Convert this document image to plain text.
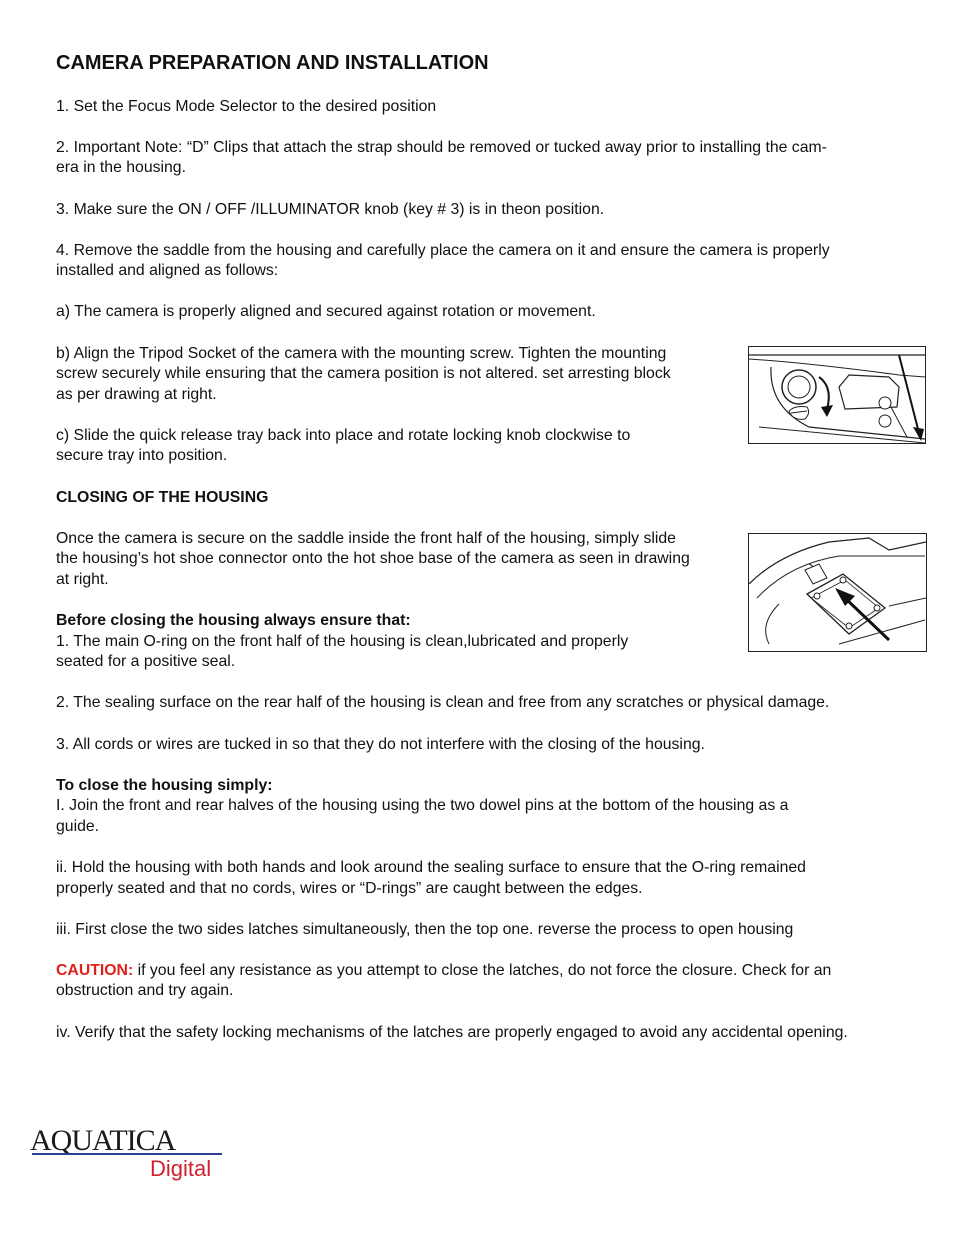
CAMERA PREPARATION AND INSTALLATION

1. Set the Focus Mode Selector to the desired position

2. Important Note: “D” Clips that attach the strap should be removed or tucked away prior to installing the cam-

era in the housing.

3. Make sure the ON / OFF /ILLUMINATOR knob (key # 3) is in theon position.

4. Remove the saddle from the housing and carefully place the camera on it and ensure the camera is properly

installed and aligned as follows:

a) The camera is properly aligned and secured against rotation or movement.

b) Align the Tripod Socket of the camera with the mounting screw. Tighten the mounting

screw securely while ensuring that the camera position is not altered. set arresting block

as per drawing at right.

c) Slide the quick release tray back into place and rotate locking knob clockwise to

secure tray into position.

CLOSING OF THE HOUSING

Once the camera is secure on the saddle inside the front half of the housing, simply slide

the housing’s hot shoe connector onto the hot shoe base of the camera as seen in drawing

at right.

Before closing the housing always ensure that:

1. The main O-ring on the front half of the housing is clean,lubricated and properly

seated for a positive seal.

2. The sealing surface on the rear half of the housing is clean and free from any scratches or physical damage.

3. All cords or wires are tucked in so that they do not interfere with the closing of the housing.

To close the housing simply:

I. Join the front and rear halves of the housing using the two dowel pins at the bottom of the housing as a

guide.

ii. Hold the housing with both hands and look around the sealing surface to ensure that the O-ring remained

properly seated and that no cords, wires or “D-rings” are caught between the edges.

iii. First close the two sides latches simultaneously, then the top one. reverse the process to open housing

CAUTION: if you feel any resistance as you attempt to close the latches, do not force the closure. Check for an

obstruction and try again.

iv. Verify that the safety locking mechanisms of the latches are properly engaged to avoid any accidental opening.

AQUATICA
Digital
